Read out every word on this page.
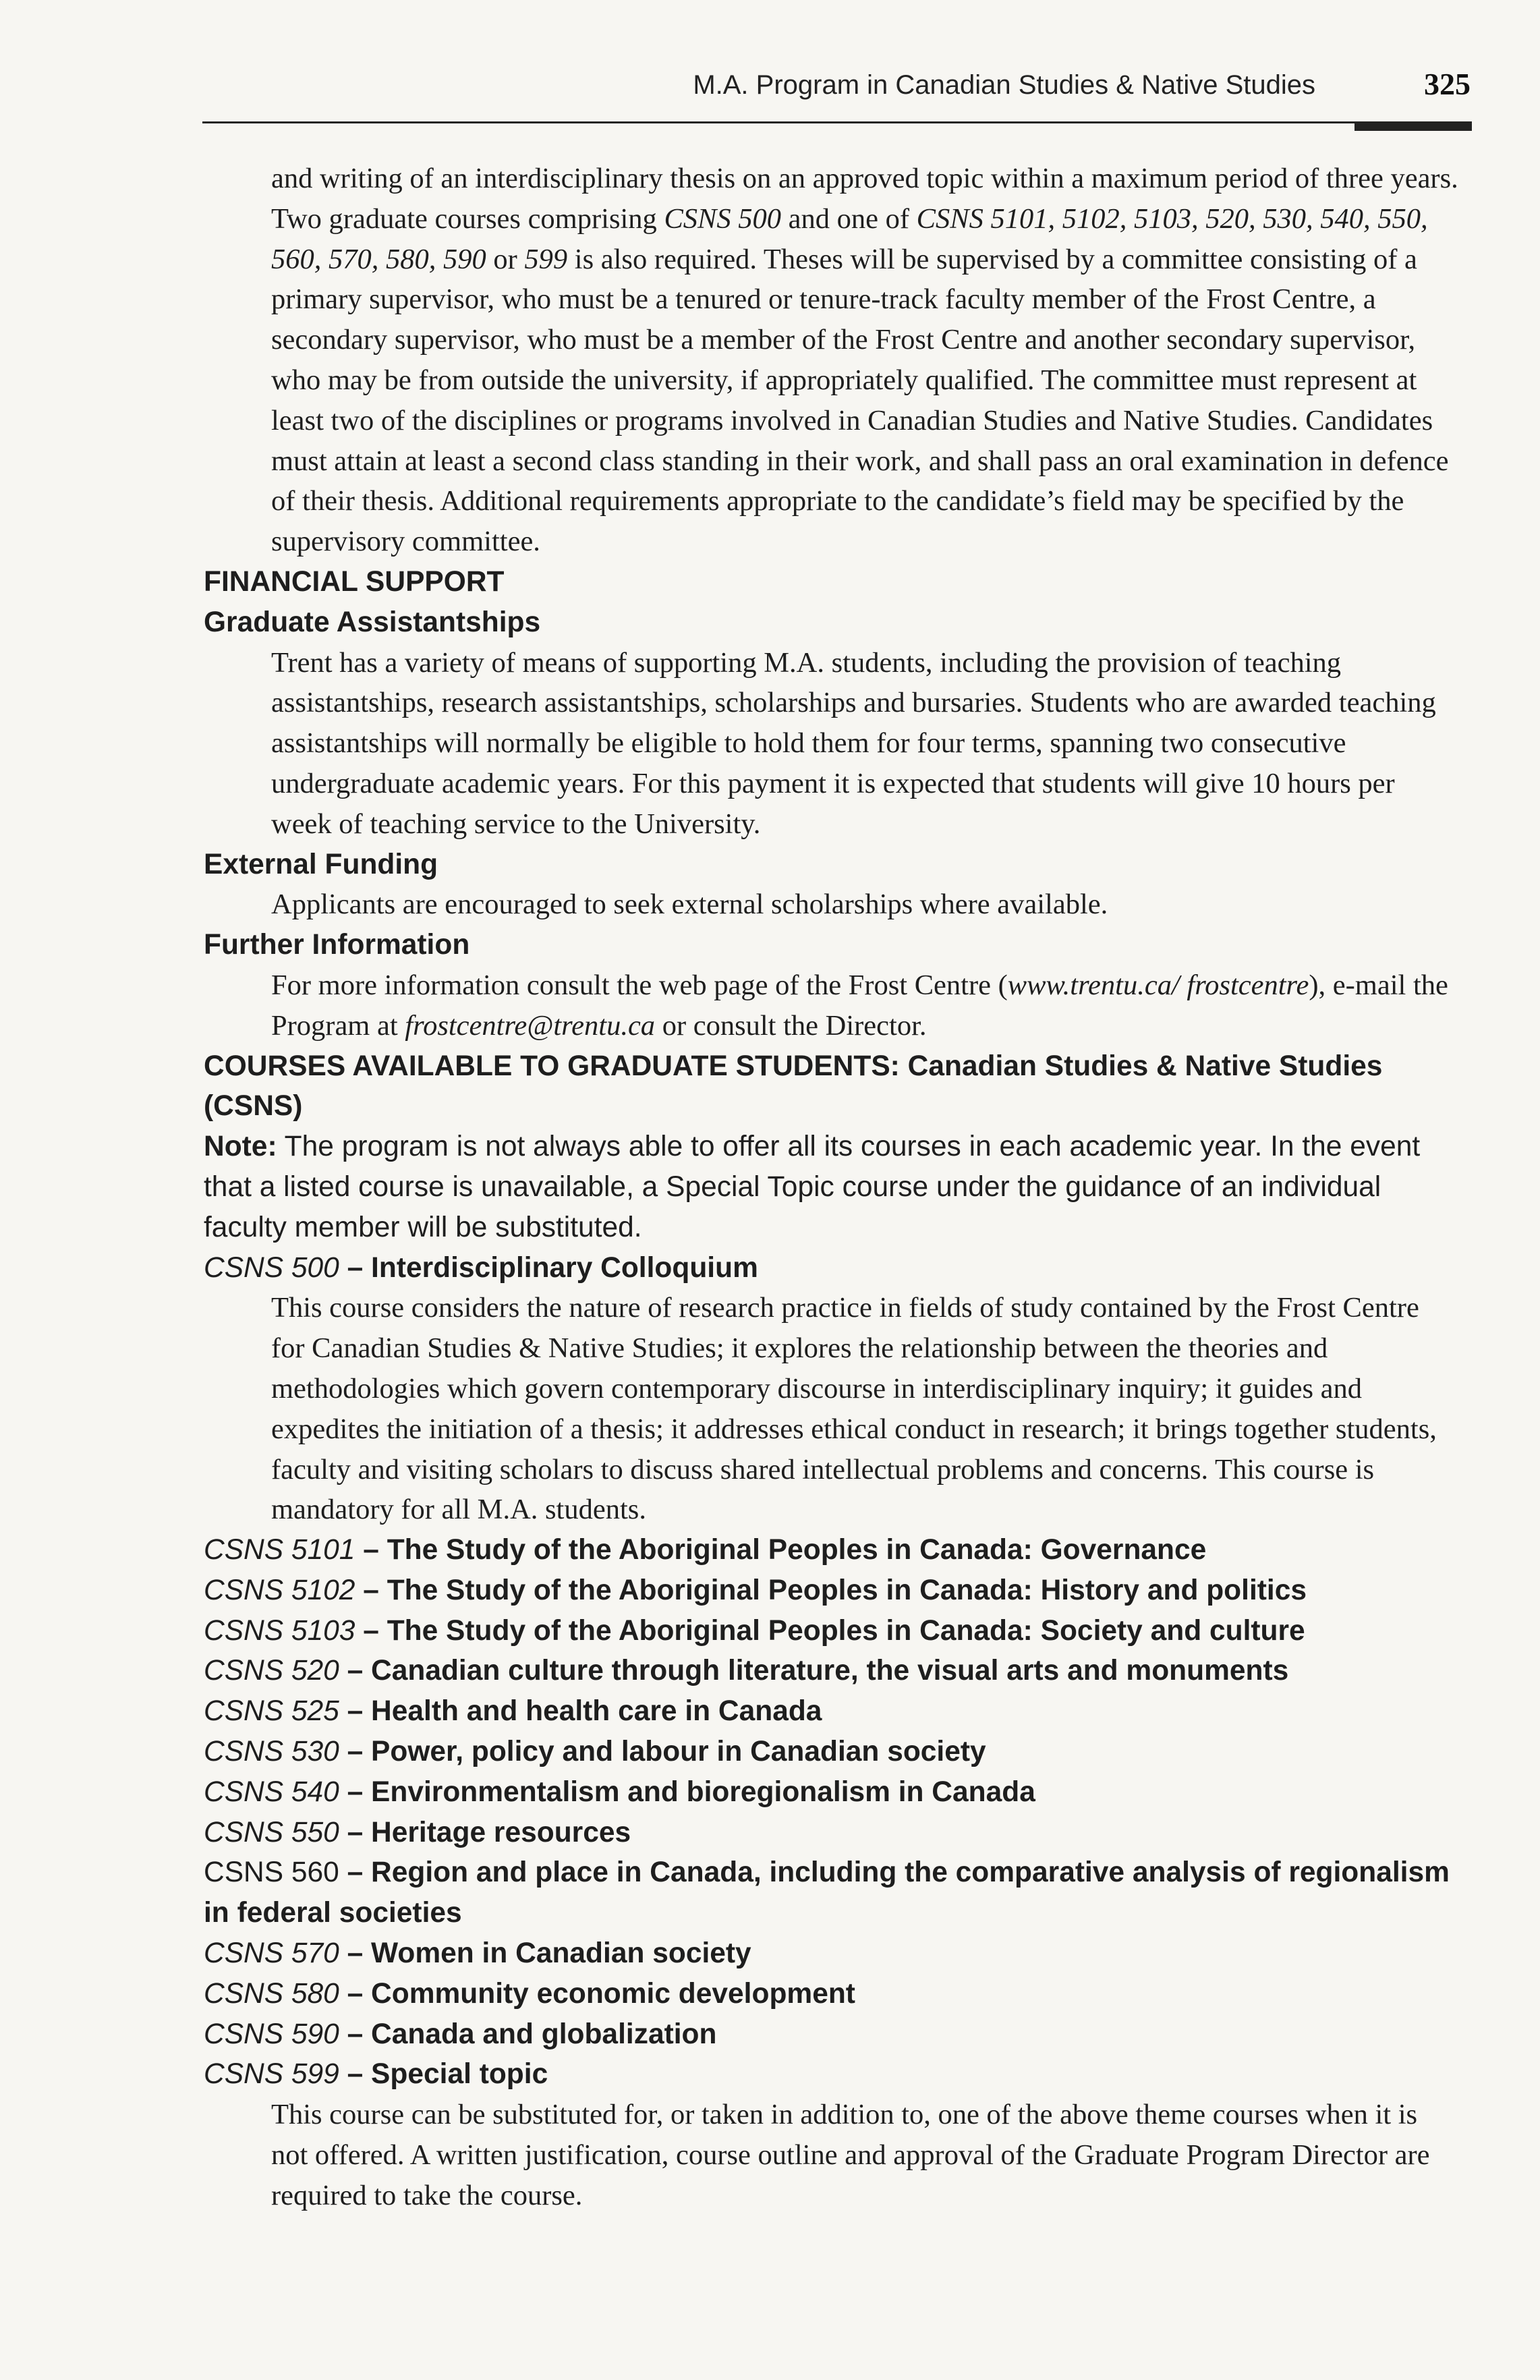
M.A. Program in Canadian Studies & Native Studies	325

and writing of an interdisciplinary thesis on an approved topic within a maximum period of three years. Two graduate courses comprising CSNS 500 and one of CSNS 5101, 5102, 5103, 520, 530, 540, 550, 560, 570, 580, 590 or 599 is also required. Theses will be supervised by a committee consisting of a primary supervisor, who must be a tenured or tenure-track faculty member of the Frost Centre, a secondary supervisor, who must be a member of the Frost Centre and another secondary supervisor, who may be from outside the university, if appropriately qualified. The committee must represent at least two of the disciplines or programs involved in Canadian Studies and Native Studies. Candidates must attain at least a second class standing in their work, and shall pass an oral examination in defence of their thesis. Additional requirements appropriate to the candidate’s field may be specified by the supervisory committee.

FINANCIAL SUPPORT

Graduate Assistantships

Trent has a variety of means of supporting M.A. students, including the provision of teaching assistantships, research assistantships, scholarships and bursaries. Students who are awarded teaching assistantships will normally be eligible to hold them for four terms, spanning two consecutive undergraduate academic years. For this payment it is expected that students will give 10 hours per week of teaching service to the University.

External Funding

Applicants are encouraged to seek external scholarships where available.

Further Information

For more information consult the web page of the Frost Centre (www.trentu.ca/ frostcentre), e-mail the Program at frostcentre@trentu.ca or consult the Director.

COURSES AVAILABLE TO GRADUATE STUDENTS: Canadian Studies & Native Studies (CSNS)

Note: The program is not always able to offer all its courses in each academic year. In the event that a listed course is unavailable, a Special Topic course under the guidance of an individual faculty member will be substituted.

CSNS 500 – Interdisciplinary Colloquium

This course considers the nature of research practice in fields of study contained by the Frost Centre for Canadian Studies & Native Studies; it explores the relationship between the theories and methodologies which govern contemporary discourse in interdisciplinary inquiry; it guides and expedites the initiation of a thesis; it addresses ethical conduct in research; it brings together students, faculty and visiting scholars to discuss shared intellectual problems and concerns. This course is mandatory for all M.A. students.

CSNS 5101 – The Study of the Aboriginal Peoples in Canada: Governance

CSNS 5102 – The Study of the Aboriginal Peoples in Canada: History and politics

CSNS 5103 – The Study of the Aboriginal Peoples in Canada: Society and culture

CSNS 520 – Canadian culture through literature, the visual arts and monuments

CSNS 525 – Health and health care in Canada

CSNS 530 – Power, policy and labour in Canadian society

CSNS 540 – Environmentalism and bioregionalism in Canada

CSNS 550 – Heritage resources

CSNS 560 – Region and place in Canada, including the comparative analysis of regionalism in federal societies

CSNS 570 – Women in Canadian society

CSNS 580 – Community economic development

CSNS 590 – Canada and globalization

CSNS 599 – Special topic

This course can be substituted for, or taken in addition to, one of the above theme courses when it is not offered. A written justification, course outline and approval of the Graduate Program Director are required to take the course.
